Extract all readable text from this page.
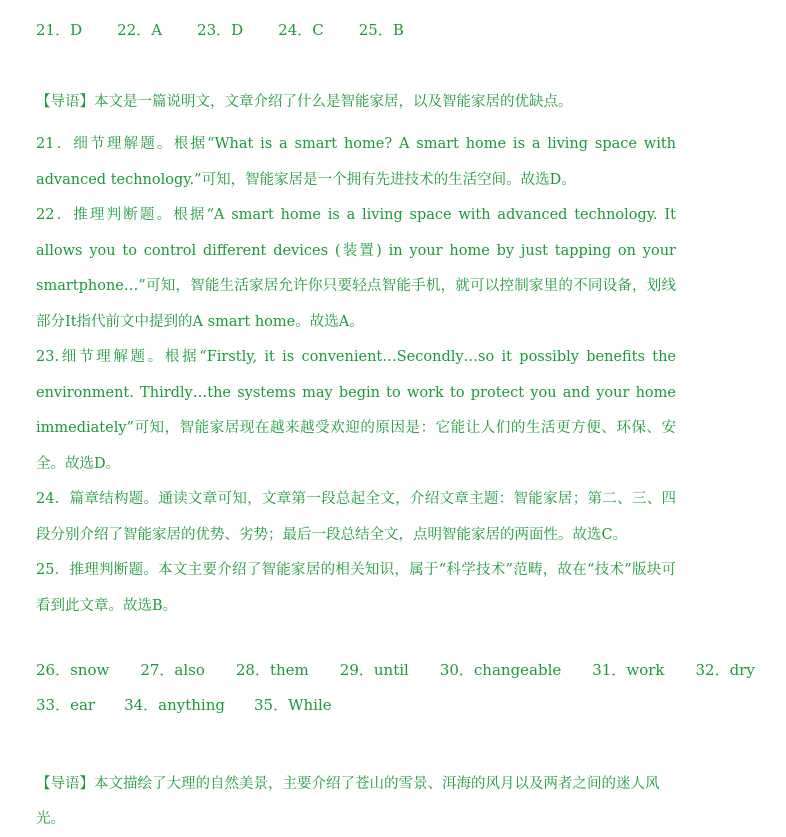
21．D 22．A 23．D 24．C 25．B
【导语】本文是一篇说明文，文章介绍了什么是智能家居，以及智能家居的优缺点。

21．细节理解题。根据“What is a smart home? A smart home is a living space with advanced technology.”可知，智能家居是一个拥有先进技术的生活空间。故选D。

22．推理判断题。根据“A smart home is a living space with advanced technology. It allows you to control different devices (装置) in your home by just tapping on your smartphone…”可知，智能生活家居允许你只要轻点智能手机，就可以控制家里的不同设备，划线部分It指代前文中提到的A smart home。故选A。

23.细节理解题。根据“Firstly, it is convenient…Secondly…so it possibly benefits the environment. Thirdly…the systems may begin to work to protect you and your home immediately”可知，智能家居现在越来越受欢迎的原因是：它能让人们的生活更方便、环保、安全。故选D。

24．篇章结构题。通读文章可知，文章第一段总起全文，介绍文章主题：智能家居；第二、三、四段分别介绍了智能家居的优势、劣势；最后一段总结全文，点明智能家居的两面性。故选C。

25．推理判断题。本文主要介绍了智能家居的相关知识，属于“科学技术”范畴，故在“技术”版块可看到此文章。故选B。

26．snow 27．also 28．them 29．until 30．changeable 31．work 32．dry
33．ear 34．anything 35．While
【导语】本文描绘了大理的自然美景，主要介绍了苍山的雪景、洱海的风月以及两者之间的迷人风光。
